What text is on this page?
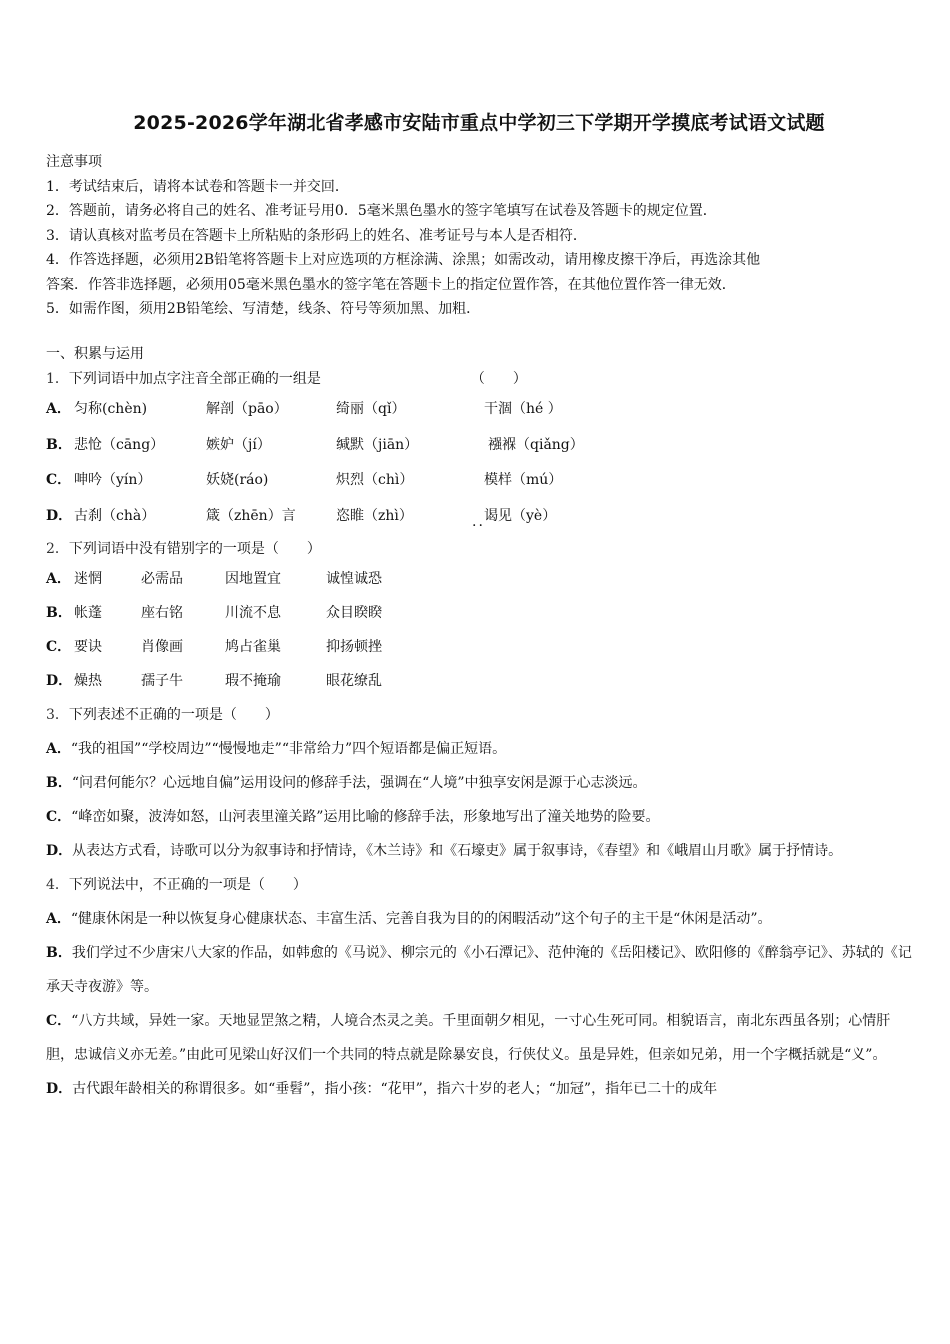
2025-2026学年湖北省孝感市安陆市重点中学初三下学期开学摸底考试语文试题
注意事项
1．考试结束后，请将本试卷和答题卡一并交回．
2．答题前，请务必将自己的姓名、准考证号用0．5毫米黑色墨水的签字笔填写在试卷及答题卡的规定位置．
3．请认真核对监考员在答题卡上所粘贴的条形码上的姓名、准考证号与本人是否相符．
4．作答选择题，必须用2B铅笔将答题卡上对应选项的方框涂满、涂黑；如需改动，请用橡皮擦干净后，再选涂其他
答案．作答非选择题，必须用05毫米黑色墨水的签字笔在答题卡上的指定位置作答，在其他位置作答一律无效．
5．如需作图，须用2B铅笔绘、写清楚，线条、符号等须加黑、加粗．
一、积累与运用
1．下列词语中加点字注音全部正确的一组是	（　　）
A． 匀称(chèn)	解剖（pāo）	绮丽（qǐ）	干涸（hé ）
B． 悲怆（cāng）	嫉妒（jí）	缄默（jiān）	襁褓（qiǎng）
C． 呻吟（yín）	妖娆(ráo)	炽烈（chì）	模样（mú）
D． 古刹（chà）	箴（zhēn）言	恣睢（zhì）	.. 谒见（yè）
2．下列词语中没有错别字的一项是（　　）
A． 迷惘	必需品	因地置宜	诚惶诚恐
B． 帐蓬	座右铭	川流不息	众目睽睽
C． 要诀	肖像画	鸠占雀巢	抑扬顿挫
D． 燥热	孺子牛	瑕不掩瑜	眼花缭乱
3．下列表述不正确的一项是（　　）
A．“我的祖国”“学校周边”“慢慢地走”“非常给力”四个短语都是偏正短语。
B．“问君何能尔？心远地自偏”运用设问的修辞手法，强调在“人境”中独享安闲是源于心志淡远。
C．“峰峦如聚，波涛如怒，山河表里潼关路”运用比喻的修辞手法，形象地写出了潼关地势的险要。
D．从表达方式看，诗歌可以分为叙事诗和抒情诗，《木兰诗》和《石壕吏》属于叙事诗，《春望》和《峨眉山月歌》属于抒情诗。
4．下列说法中，不正确的一项是（　　）
A．“健康休闲是一种以恢复身心健康状态、丰富生活、完善自我为目的的闲暇活动”这个句子的主干是“休闲是活动”。
B．我们学过不少唐宋八大家的作品，如韩愈的《马说》、柳宗元的《小石潭记》、范仲淹的《岳阳楼记》、欧阳修的《醉翁亭记》、苏轼的《记承天寺夜游》等。
C．“八方共域，异姓一家。天地显罡煞之精，人境合杰灵之美。千里面朝夕相见，一寸心生死可同。相貌语言，南北东西虽各别；心情肝胆，忠诚信义亦无差。”由此可见梁山好汉们一个共同的特点就是除暴安良，行侠仗义。虽是异姓，但亲如兄弟，用一个字概括就是“义”。
D．古代跟年龄相关的称谓很多。如“垂髫”，指小孩：“花甲”，指六十岁的老人；“加冠”，指年已二十的成年
